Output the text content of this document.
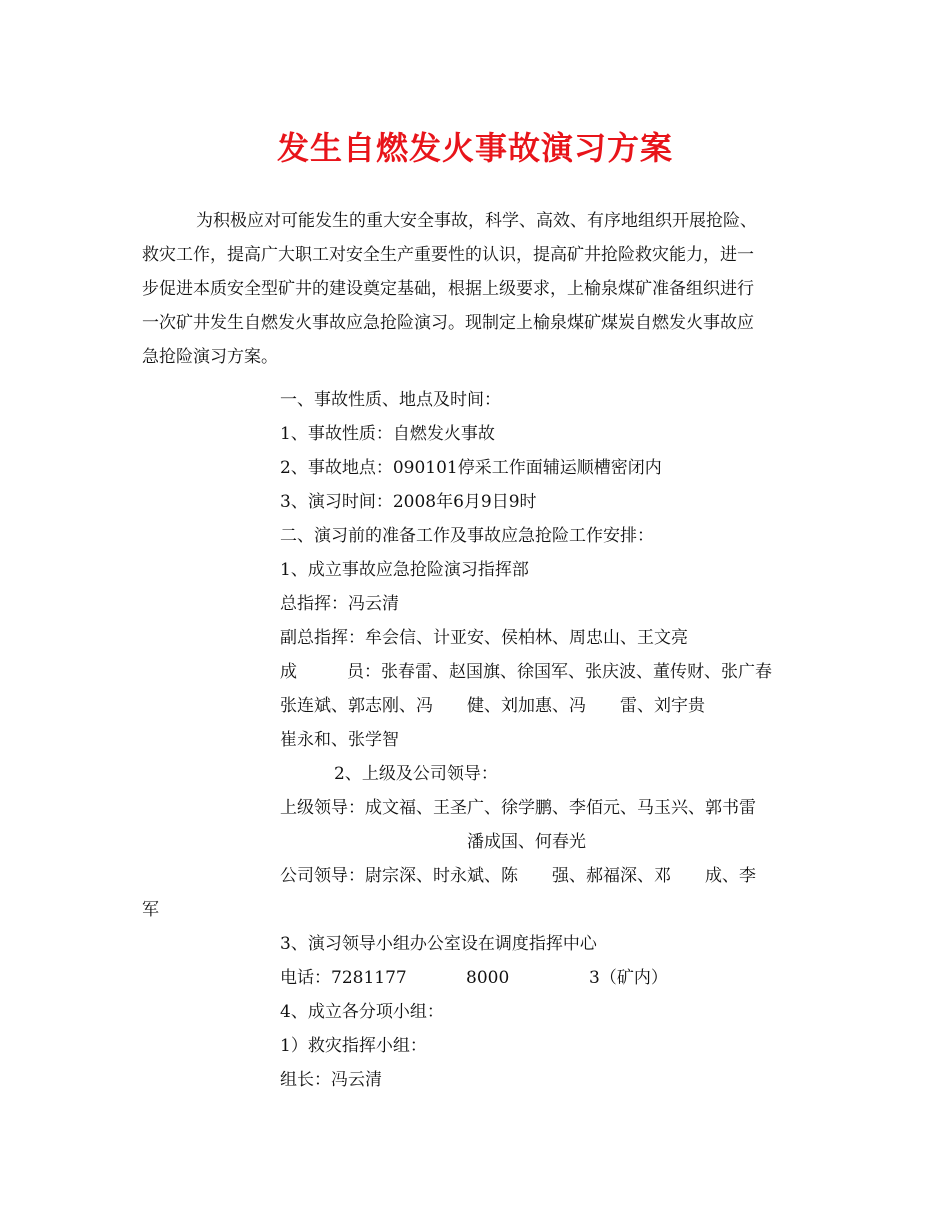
发生自燃发火事故演习方案
为积极应对可能发生的重大安全事故，科学、高效、有序地组织开展抢险、
救灾工作，提高广大职工对安全生产重要性的认识，提高矿井抢险救灾能力，进一
步促进本质安全型矿井的建设奠定基础，根据上级要求，上榆泉煤矿准备组织进行
一次矿井发生自燃发火事故应急抢险演习。现制定上榆泉煤矿煤炭自燃发火事故应
急抢险演习方案。
一、事故性质、地点及时间：
1、事故性质：自燃发火事故
2、事故地点：090101停采工作面辅运顺槽密闭内
3、演习时间：2008年6月9日9时
二、演习前的准备工作及事故应急抢险工作安排：
1、成立事故应急抢险演习指挥部
总指挥：冯云清
副总指挥：牟会信、计亚安、侯柏林、周忠山、王文亮
成	员：张春雷、赵国旗、徐国军、张庆波、董传财、张广春
张连斌、郭志刚、冯 健、刘加惠、冯 雷、刘宇贵
崔永和、张学智
2、上级及公司领导：
上级领导：成文福、王圣广、徐学鹏、李佰元、马玉兴、郭书雷
潘成国、何春光
公司领导：尉宗深、时永斌、陈 强、郝福深、邓 成、李
军
3、演习领导小组办公室设在调度指挥中心
电话：7281177	8000	3（矿内）
4、成立各分项小组：
1）救灾指挥小组：
组长：冯云清
